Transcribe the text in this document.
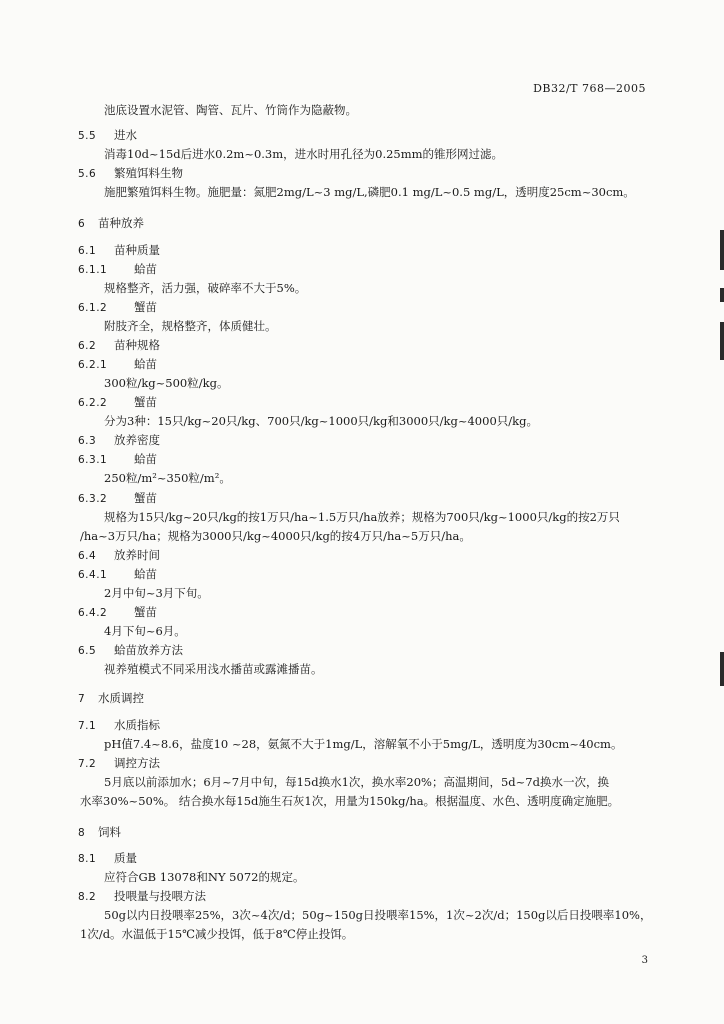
DB32/T 768—2005
池底设置水泥管、陶管、瓦片、竹筒作为隐蔽物。
5.5 进水
消毒10d~15d后进水0.2m~0.3m，进水时用孔径为0.25mm的锥形网过滤。
5.6 繁殖饵料生物
施肥繁殖饵料生物。施肥量：氮肥2mg/L~3 mg/L,磷肥0.1 mg/L~0.5 mg/L，透明度25cm~30cm。
6 苗种放养
6.1 苗种质量
6.1.1 蛤苗
规格整齐，活力强，破碎率不大于5%。
6.1.2 蟹苗
附肢齐全，规格整齐，体质健壮。
6.2 苗种规格
6.2.1 蛤苗
300粒/kg~500粒/kg。
6.2.2 蟹苗
分为3种：15只/kg~20只/kg、700只/kg~1000只/kg和3000只/kg~4000只/kg。
6.3 放养密度
6.3.1 蛤苗
250粒/m²~350粒/m²。
6.3.2 蟹苗
规格为15只/kg~20只/kg的按1万只/ha~1.5万只/ha放养；规格为700只/kg~1000只/kg的按2万只
/ha~3万只/ha；规格为3000只/kg~4000只/kg的按4万只/ha~5万只/ha。
6.4 放养时间
6.4.1 蛤苗
2月中旬~3月下旬。
6.4.2 蟹苗
4月下旬~6月。
6.5 蛤苗放养方法
视养殖模式不同采用浅水播苗或露滩播苗。
7 水质调控
7.1 水质指标
pH值7.4~8.6，盐度10 ~28，氨氮不大于1mg/L，溶解氧不小于5mg/L，透明度为30cm~40cm。
7.2 调控方法
5月底以前添加水；6月~7月中旬，每15d换水1次，换水率20%；高温期间，5d~7d换水一次，换
水率30%~50%。 结合换水每15d施生石灰1次，用量为150kg/ha。根据温度、水色、透明度确定施肥。
8 饲料
8.1 质量
应符合GB 13078和NY 5072的规定。
8.2 投喂量与投喂方法
50g以内日投喂率25%，3次~4次/d；50g~150g日投喂率15%，1次~2次/d；150g以后日投喂率10%，
1次/d。水温低于15℃减少投饵，低于8℃停止投饵。
3
